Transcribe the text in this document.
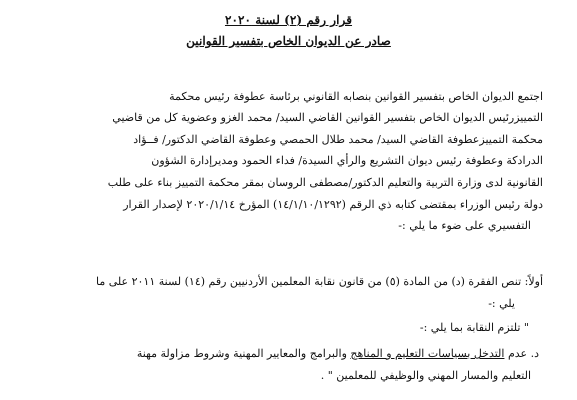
قرار رقم (٢) لسنة ٢٠٢٠
صادر عن الديوان الخاص بتفسير القوانين
اجتمع الديوان الخاص بتفسير القوانين بنصابه القانوني برئاسة عطوفة رئيس محكمة
التمييزرئيس الديوان الخاص بتفسير القوانين القاضي السيد/ محمد الغزو وعضوية كل من قاضيي
محكمة التمييزعطوفة القاضي السيد/ محمد طلال الحمصي وعطوفة القاضي الدكتور/ فــؤاد
الدرادكة وعطوفة رئيس ديوان التشريع والرأي السيدة/ فداء الحمود ومديرإدارة الشؤون
القانونية لدى وزارة التربية والتعليم الدكتور/مصطفى الروسان بمقر محكمة التمييز بناء على طلب
دولة رئيس الوزراء بمقتضى كتابه ذي الرقم (١٤/١/١٠/١٢٩٢) المؤرخ ٢٠٢٠/١/١٤ لإصدار القرار
التفسيري على ضوء ما يلي :-
أولاً: تنص الفقرة (د) من المادة (٥) من قانون نقابة المعلمين الأردنيين رقم (١٤) لسنة ٢٠١١ على ما
يلي :-
" تلتزم النقابة بما يلي :-
د. عدم التدخل بسياسات التعليم و المناهج والبرامج والمعايير المهنية وشروط مزاولة مهنة
التعليم والمسار المهني والوظيفي للمعلمين " .
